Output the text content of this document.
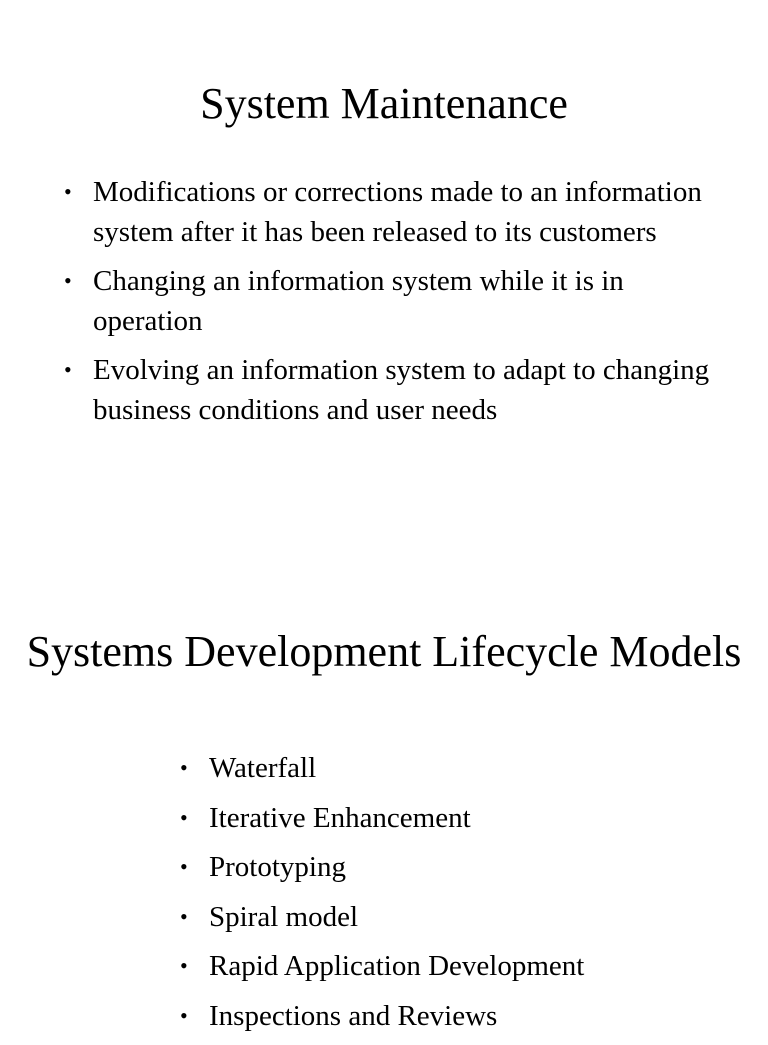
System Maintenance
• Modifications or corrections made to an information system after it has been released to its customers
• Changing an information system while it is in operation
• Evolving an information system to adapt to changing business conditions and user needs
Systems Development Lifecycle Models
• Waterfall
• Iterative Enhancement
• Prototyping
• Spiral model
• Rapid Application Development
• Inspections and Reviews
